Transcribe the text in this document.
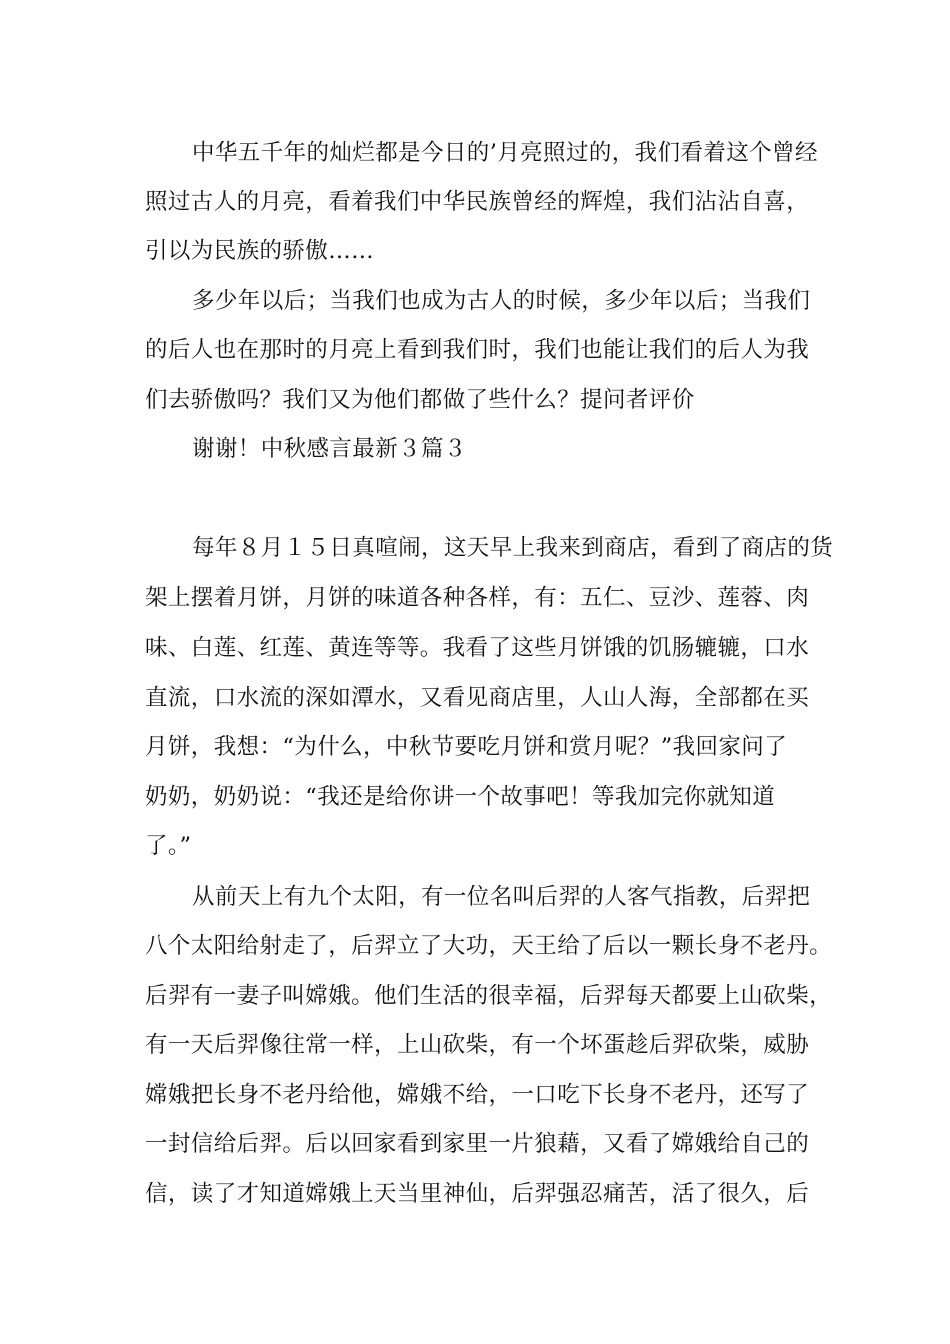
中华五千年的灿烂都是今日的’月亮照过的，我们看着这个曾经
照过古人的月亮，看着我们中华民族曾经的辉煌，我们沾沾自喜，
引以为民族的骄傲……
多少年以后；当我们也成为古人的时候，多少年以后；当我们
的后人也在那时的月亮上看到我们时，我们也能让我们的后人为我
们去骄傲吗？我们又为他们都做了些什么？提问者评价
谢谢！中秋感言最新３篇３
每年８月１５日真喧闹，这天早上我来到商店，看到了商店的货
架上摆着月饼，月饼的味道各种各样，有：五仁、豆沙、莲蓉、肉
味、白莲、红莲、黄连等等。我看了这些月饼饿的饥肠辘辘，口水
直流，口水流的深如潭水，又看见商店里，人山人海，全部都在买
月饼，我想：“为什么，中秋节要吃月饼和赏月呢？”我回家问了
奶奶，奶奶说：“我还是给你讲一个故事吧！等我加完你就知道
了。”
从前天上有九个太阳，有一位名叫后羿的人客气指教，后羿把
八个太阳给射走了，后羿立了大功，天王给了后以一颗长身不老丹。
后羿有一妻子叫嫦娥。他们生活的很幸福，后羿每天都要上山砍柴，
有一天后羿像往常一样，上山砍柴，有一个坏蛋趁后羿砍柴，威胁
嫦娥把长身不老丹给他，嫦娥不给，一口吃下长身不老丹，还写了
一封信给后羿。后以回家看到家里一片狼藉，又看了嫦娥给自己的
信，读了才知道嫦娥上天当里神仙，后羿强忍痛苦，活了很久，后
